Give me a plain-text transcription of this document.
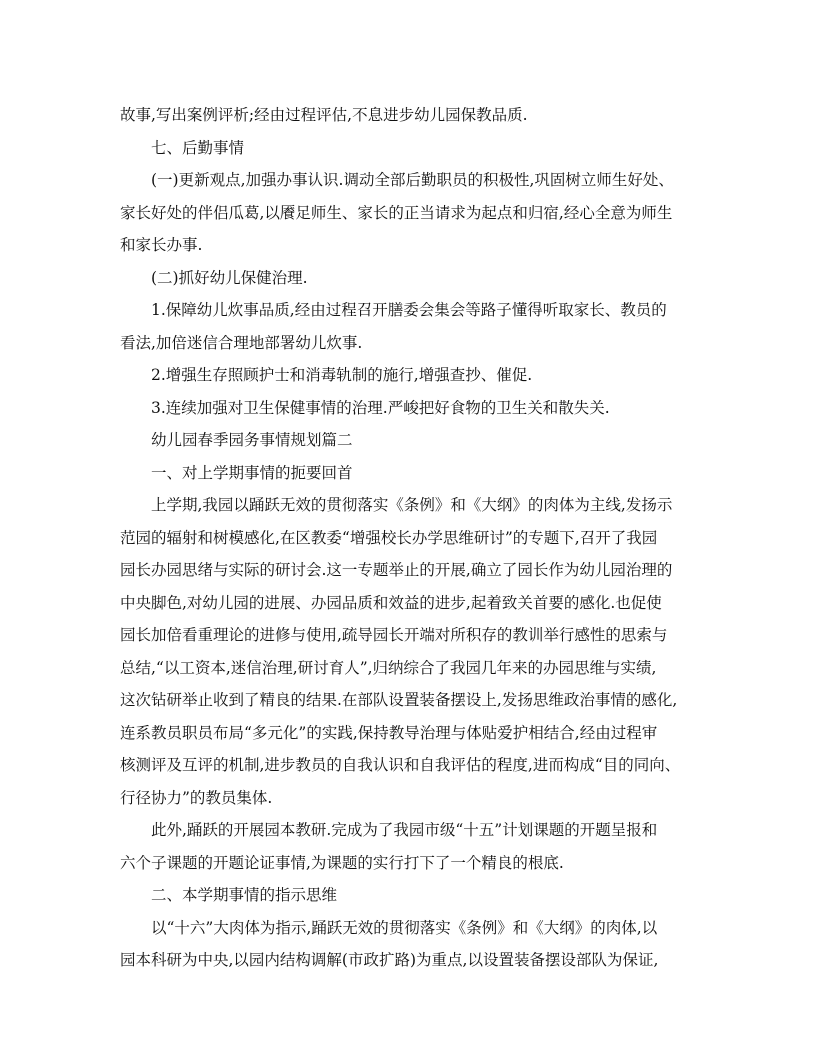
故事,写出案例评析;经由过程评估,不息进步幼儿园保教品质.
七、后勤事情
(一)更新观点,加强办事认识.调动全部后勤职员的积极性,巩固树立师生好处、
家长好处的伴侣瓜葛,以餍足师生、家长的正当请求为起点和归宿,经心全意为师生
和家长办事.
(二)抓好幼儿保健治理.
1.保障幼儿炊事品质,经由过程召开膳委会集会等路子懂得听取家长、教员的
看法,加倍迷信合理地部署幼儿炊事.
2.增强生存照顾护士和消毒轨制的施行,增强查抄、催促.
3.连续加强对卫生保健事情的治理.严峻把好食物的卫生关和散失关.
幼儿园春季园务事情规划篇二
一、对上学期事情的扼要回首
上学期,我园以踊跃无效的贯彻落实《条例》和《大纲》的肉体为主线,发扬示
范园的辐射和树模感化,在区教委“增强校长办学思维研讨”的专题下,召开了我园
园长办园思绪与实际的研讨会.这一专题举止的开展,确立了园长作为幼儿园治理的
中央脚色,对幼儿园的进展、办园品质和效益的进步,起着致关首要的感化.也促使
园长加倍看重理论的进修与使用,疏导园长开端对所积存的教训举行感性的思索与
总结,“以工资本,迷信治理,研讨育人”,归纳综合了我园几年来的办园思维与实绩,
这次钻研举止收到了精良的结果.在部队设置装备摆设上,发扬思维政治事情的感化,
连系教员职员布局“多元化”的实践,保持教导治理与体贴爱护相结合,经由过程审
核测评及互评的机制,进步教员的自我认识和自我评估的程度,进而构成“目的同向、
行径协力”的教员集体.
此外,踊跃的开展园本教研.完成为了我园市级“十五”计划课题的开题呈报和
六个子课题的开题论证事情,为课题的实行打下了一个精良的根底.
二、本学期事情的指示思维
以“十六”大肉体为指示,踊跃无效的贯彻落实《条例》和《大纲》的肉体,以
园本科研为中央,以园内结构调解(市政扩路)为重点,以设置装备摆设部队为保证,
